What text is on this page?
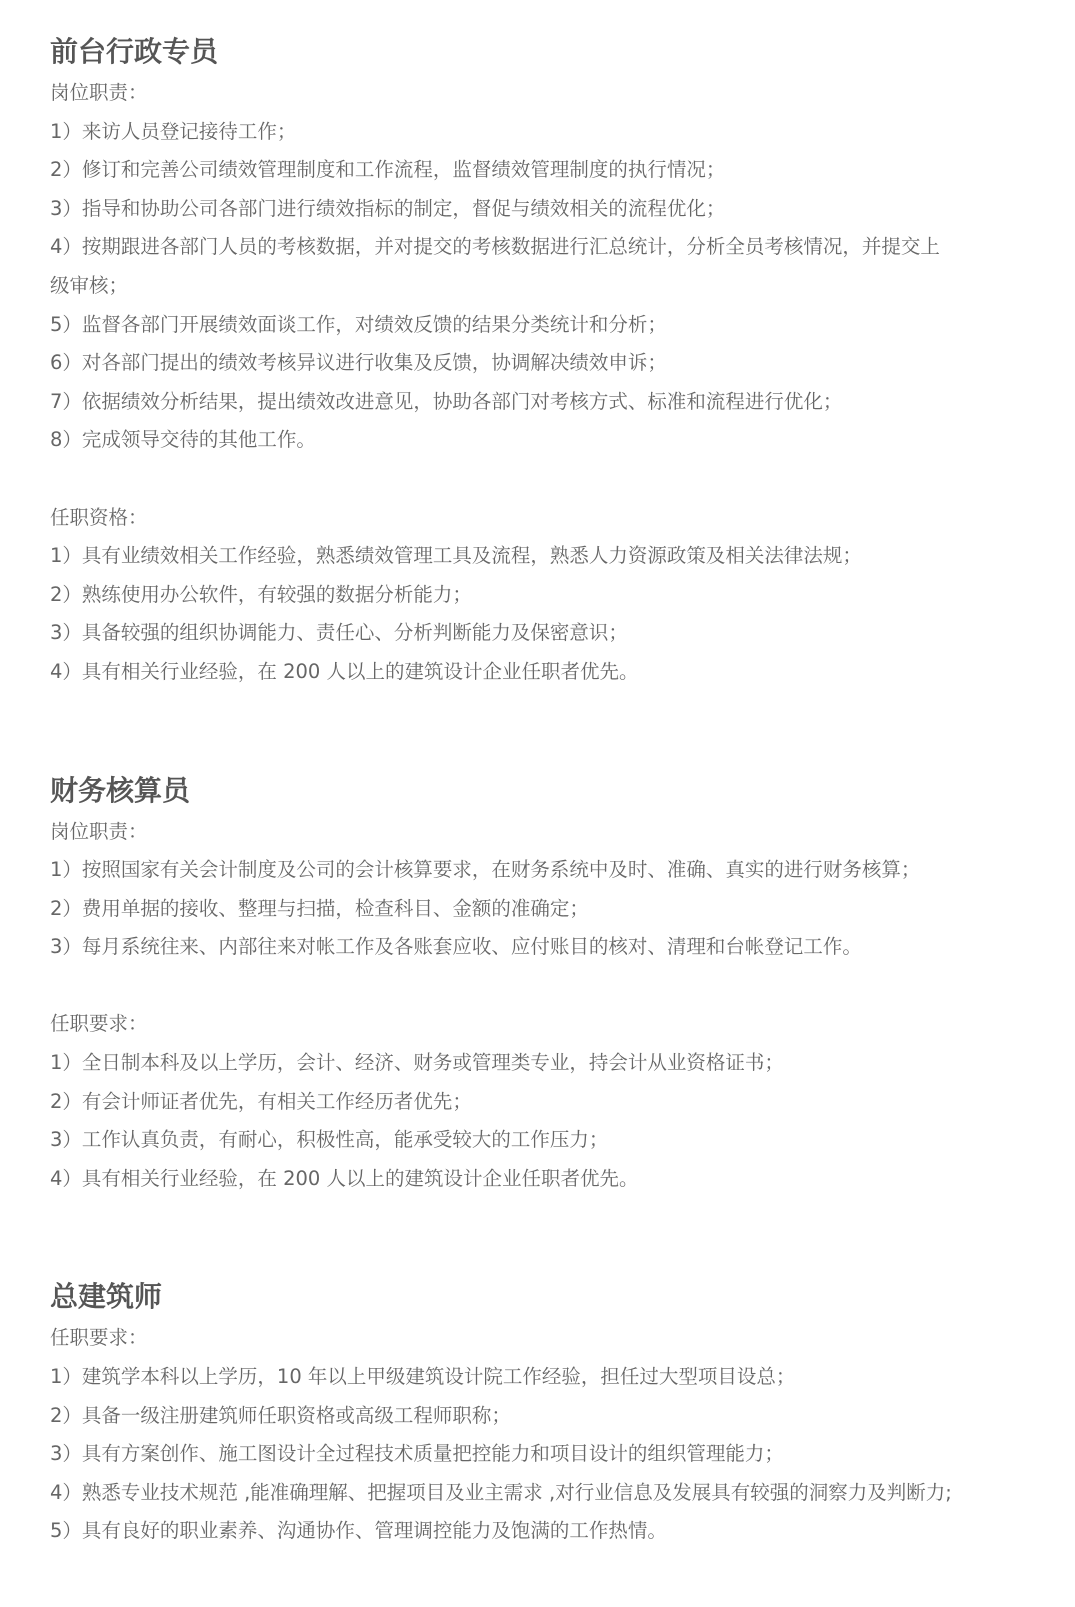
前台行政专员

岗位职责：

1）来访人员登记接待工作；

2）修订和完善公司绩效管理制度和工作流程，监督绩效管理制度的执行情况；

3）指导和协助公司各部门进行绩效指标的制定，督促与绩效相关的流程优化；

4）按期跟进各部门人员的考核数据，并对提交的考核数据进行汇总统计，分析全员考核情况，并提交上

级审核；

5）监督各部门开展绩效面谈工作，对绩效反馈的结果分类统计和分析；

6）对各部门提出的绩效考核异议进行收集及反馈，协调解决绩效申诉；

7）依据绩效分析结果，提出绩效改进意见，协助各部门对考核方式、标准和流程进行优化；

8）完成领导交待的其他工作。

任职资格：

1）具有业绩效相关工作经验，熟悉绩效管理工具及流程，熟悉人力资源政策及相关法律法规；

2）熟练使用办公软件，有较强的数据分析能力；

3）具备较强的组织协调能力、责任心、分析判断能力及保密意识；

4）具有相关行业经验，在 200 人以上的建筑设计企业任职者优先。

财务核算员

岗位职责：

1）按照国家有关会计制度及公司的会计核算要求，在财务系统中及时、准确、真实的进行财务核算；

2）费用单据的接收、整理与扫描，检查科目、金额的准确定；

3）每月系统往来、内部往来对帐工作及各账套应收、应付账目的核对、清理和台帐登记工作。

任职要求：

1）全日制本科及以上学历，会计、经济、财务或管理类专业，持会计从业资格证书；

2）有会计师证者优先，有相关工作经历者优先；

3）工作认真负责，有耐心，积极性高，能承受较大的工作压力；

4）具有相关行业经验，在 200 人以上的建筑设计企业任职者优先。

总建筑师

任职要求：

1）建筑学本科以上学历，10 年以上甲级建筑设计院工作经验，担任过大型项目设总；

2）具备一级注册建筑师任职资格或高级工程师职称；

3）具有方案创作、施工图设计全过程技术质量把控能力和项目设计的组织管理能力；

4）熟悉专业技术规范 ,能准确理解、把握项目及业主需求 ,对行业信息及发展具有较强的洞察力及判断力;

5）具有良好的职业素养、沟通协作、管理调控能力及饱满的工作热情。
